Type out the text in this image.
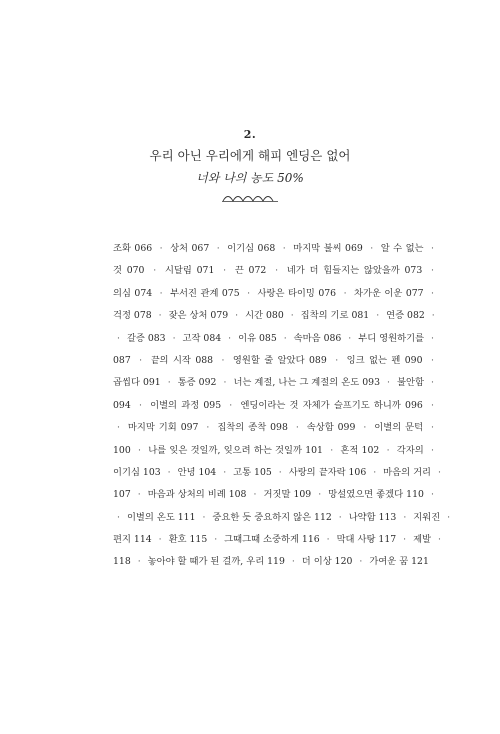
2.
우리 아닌 우리에게 해피 엔딩은 없어
너와 나의 농도 50%
조화 066 · 상처 067 · 이기심 068 · 마지막 불씨 069 · 알 수 없는 ·
것 070 · 시달림 071 · 끈 072 · 네가 더 힘들지는 않았을까 073 ·
의심 074 · 부서진 관계 075 · 사랑은 타이밍 076 · 차가운 이운 077 ·
걱정 078 · 잦은 상처 079 · 시간 080 · 집착의 기로 081 · 연증 082 ·
· 갈증 083 · 고작 084 · 이유 085 · 속마음 086 · 부디 영원하기를 ·
087 · 끝의 시작 088 · 영원할 줄 알았다 089 · 잉크 없는 펜 090 ·
곱씹다 091 · 통증 092 · 너는 계절, 나는 그 계절의 온도 093 · 불안함 ·
094 · 이별의 과정 095 · 엔딩이라는 것 자체가 슬프기도 하니까 096 ·
· 마지막 기회 097 · 집착의 종착 098 · 속상함 099 · 이별의 문턱 ·
100 · 나를 잊은 것일까, 잊으려 하는 것일까 101 · 혼적 102 · 각자의 ·
이기심 103 · 안녕 104 · 고통 105 · 사랑의 끝자락 106 · 마음의 거리 ·
107 · 마음과 상처의 비례 108 · 거짓말 109 · 망설였으면 좋겠다 110 ·
· 이별의 온도 111 · 중요한 듯 중요하지 않은 112 · 나약함 113 · 지워진 ·
편지 114 · 환호 115 · 그때그때 소중하게 116 · 막대 사탕 117 · 제발 ·
118 · 놓아야 할 때가 된 걸까, 우리 119 · 더 이상 120 · 가여운 꿈 121
